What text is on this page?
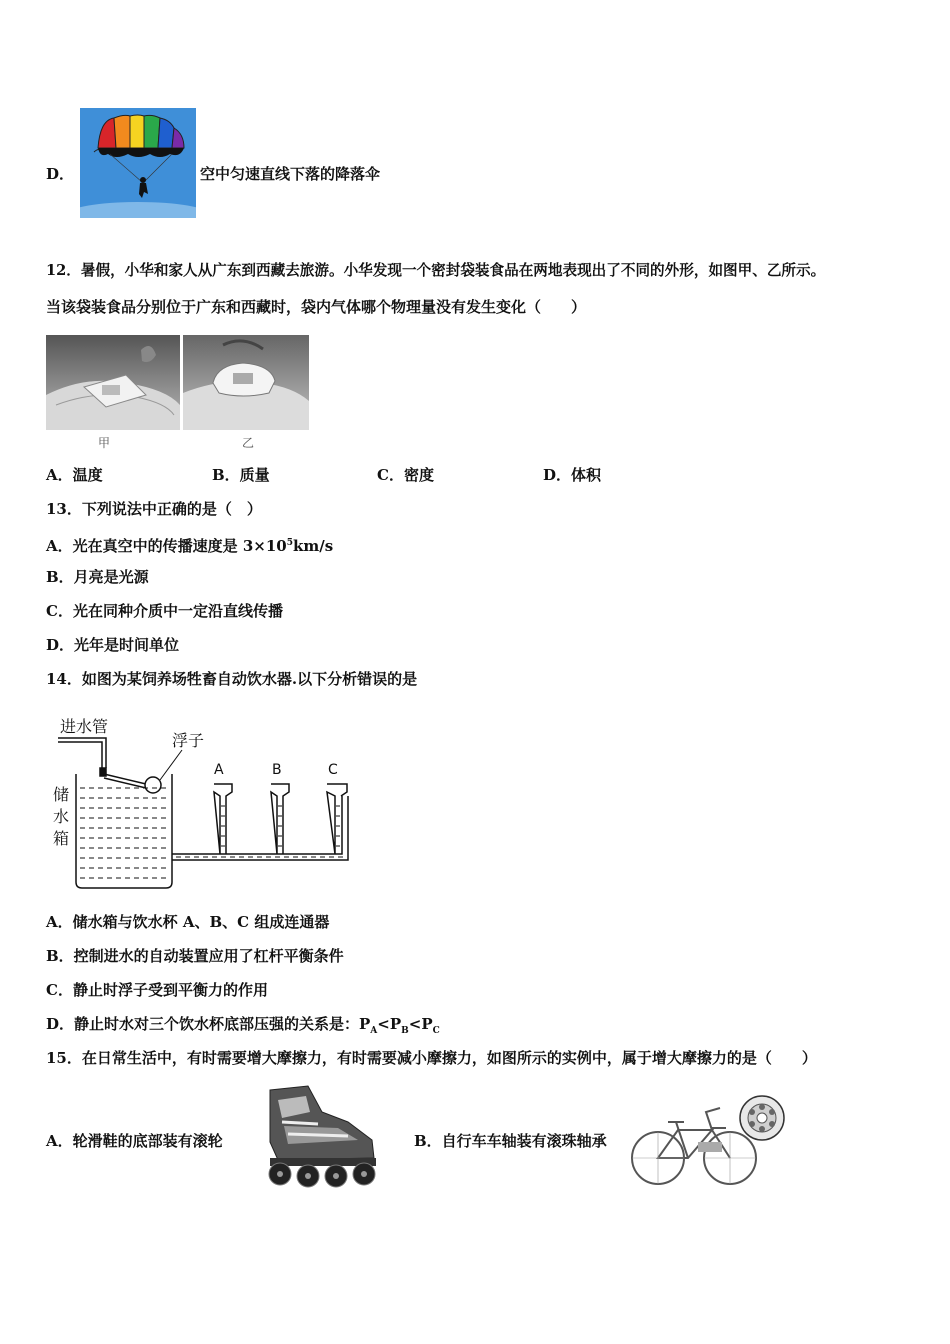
D．	空中匀速直线下落的降落伞
12．暑假，小华和家人从广东到西藏去旅游。小华发现一个密封袋装食品在两地表现出了不同的外形，如图甲、乙所示。
当该袋装食品分别位于广东和西藏时，袋内气体哪个物理量没有发生变化（　　）
甲	乙
A．温度	B．质量	C．密度	D．体积
13．下列说法中正确的是（　）
A．光在真空中的传播速度是 $3\times 10^5km/s$
B．月亮是光源
C．光在同种介质中一定沿直线传播
D．光年是时间单位
14．如图为某饲养场牲畜自动饮水器.以下分析错误的是
进水管
浮子
储
水
箱
A	B	C
A．储水箱与饮水杯 A、B、C 组成连通器
B．控制进水的自动装置应用了杠杆平衡条件
C．静止时浮子受到平衡力的作用
D．静止时水对三个饮水杯底部压强的关系是：$P_A<P_B<P_C$
15．在日常生活中，有时需要增大摩擦力，有时需要减小摩擦力，如图所示的实例中，属于增大摩擦力的是（　　）
A．轮滑鞋的底部装有滚轮	B．自行车车轴装有滚珠轴承
